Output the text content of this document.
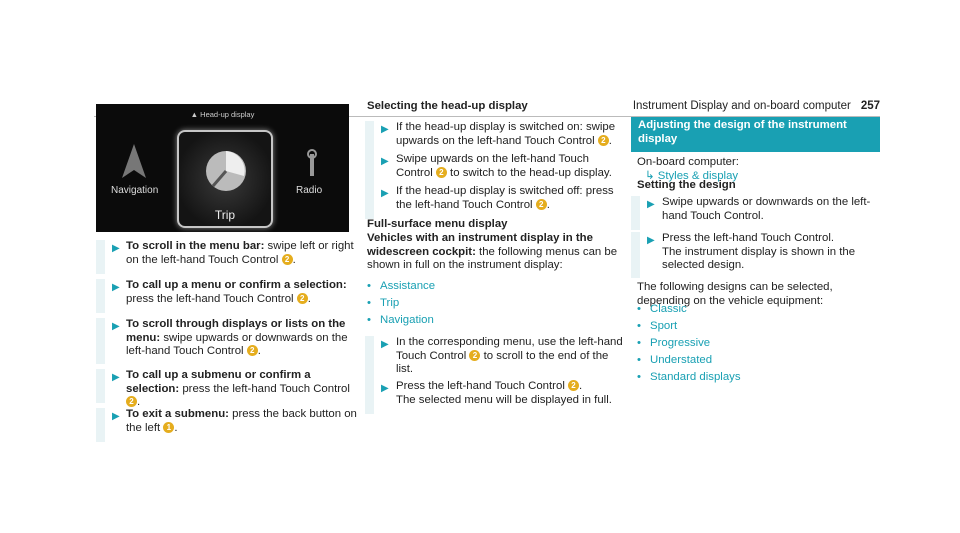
Instrument Display and on-board computer 257
▲ Head-up display
Navigation
Trip
Radio
▶ To scroll in the menu bar: swipe left or right on the left-hand Touch Control 2 .
▶ To call up a menu or confirm a selection: press the left-hand Touch Control 2 .
▶ To scroll through displays or lists on the menu: swipe upwards or downwards on the left-hand Touch Control 2 .
▶ To call up a submenu or confirm a selection: press the left-hand Touch Control 2 .
▶ To exit a submenu: press the back button on the left 1 .
Selecting the head-up display
▶ If the head-up display is switched on: swipe upwards on the left-hand Touch Control 2 .
▶ Swipe upwards on the left-hand Touch Control 2 to switch to the head-up display.
▶ If the head-up display is switched off: press the left-hand Touch Control 2 .
Full-surface menu display
Vehicles with an instrument display in the widescreen cockpit: the following menus can be shown in full on the instrument display:
• Assistance
• Trip
• Navigation
▶ In the corresponding menu, use the left-hand Touch Control 2 to scroll to the end of the list.
▶ Press the left-hand Touch Control 2 .
The selected menu will be displayed in full.
Adjusting the design of the instrument display
On-board computer:
↳ Styles & display
Setting the design
▶ Swipe upwards or downwards on the left-hand Touch Control.
▶ Press the left-hand Touch Control.
The instrument display is shown in the selected design.
The following designs can be selected, depending on the vehicle equipment:
• Classic
• Sport
• Progressive
• Understated
• Standard displays
